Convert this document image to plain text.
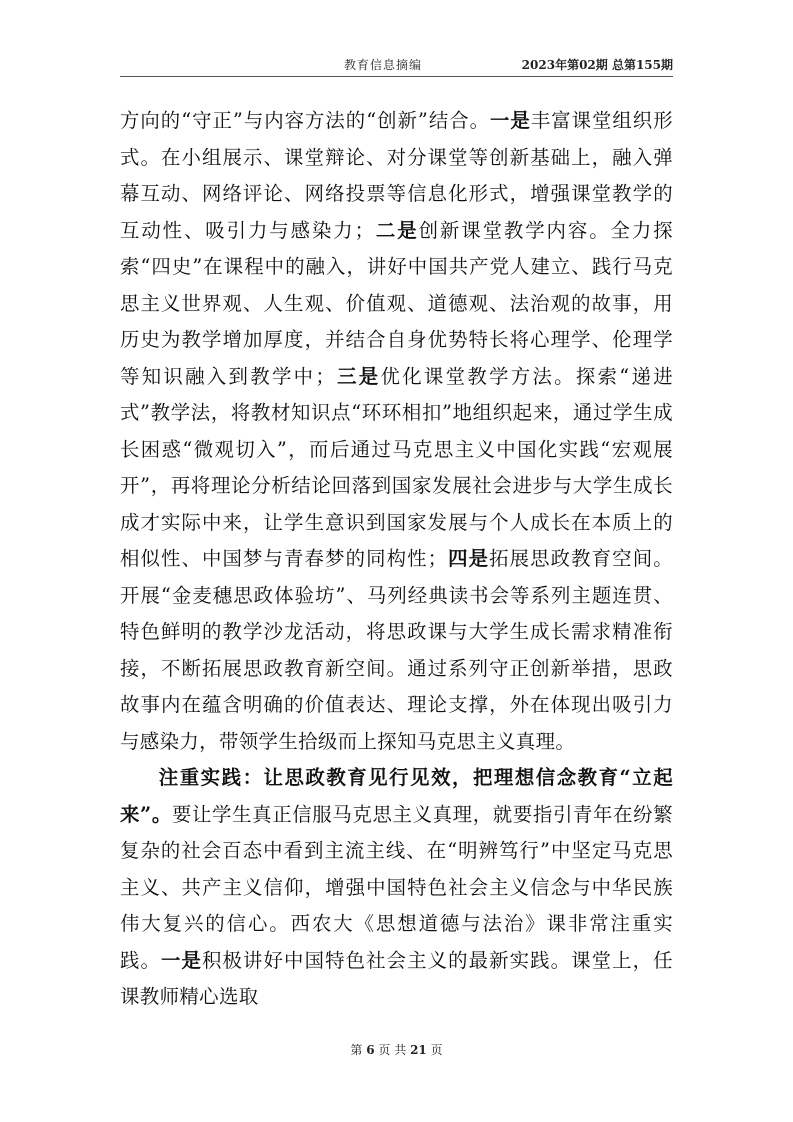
教育信息摘编	2023年第02期 总第155期

方向的“守正”与内容方法的“创新”结合。一是丰富课堂组织形式。在小组展示、课堂辩论、对分课堂等创新基础上，融入弹幕互动、网络评论、网络投票等信息化形式，增强课堂教学的互动性、吸引力与感染力；二是创新课堂教学内容。全力探索“四史”在课程中的融入，讲好中国共产党人建立、践行马克思主义世界观、人生观、价值观、道德观、法治观的故事，用历史为教学增加厚度，并结合自身优势特长将心理学、伦理学等知识融入到教学中；三是优化课堂教学方法。探索“递进式”教学法，将教材知识点“环环相扣”地组织起来，通过学生成长困惑“微观切入”，而后通过马克思主义中国化实践“宏观展开”，再将理论分析结论回落到国家发展社会进步与大学生成长成才实际中来，让学生意识到国家发展与个人成长在本质上的相似性、中国梦与青春梦的同构性；四是拓展思政教育空间。开展“金麦穗思政体验坊”、马列经典读书会等系列主题连贯、特色鲜明的教学沙龙活动，将思政课与大学生成长需求精准衔接，不断拓展思政教育新空间。通过系列守正创新举措，思政故事内在蕴含明确的价值表达、理论支撑，外在体现出吸引力与感染力，带领学生拾级而上探知马克思主义真理。

注重实践：让思政教育见行见效，把理想信念教育“立起来”。要让学生真正信服马克思主义真理，就要指引青年在纷繁复杂的社会百态中看到主流主线、在“明辨笃行”中坚定马克思主义、共产主义信仰，增强中国特色社会主义信念与中华民族伟大复兴的信心。西农大《思想道德与法治》课非常注重实践。一是积极讲好中国特色社会主义的最新实践。课堂上，任课教师精心选取

第 6 页 共 21 页
